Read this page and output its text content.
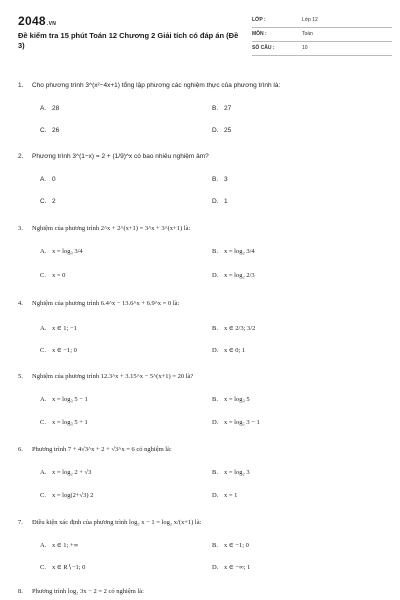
2048.VN
Đề kiểm tra 15 phút Toán 12 Chương 2 Giải tích có đáp án (Đề 3)
LỚP :	Lớp 12
MÔN :	Toán
SỐ CÂU :	10
1. Cho phương trình 3^(x²−4x+1) tổng lập phương các nghiệm thực của phương trình là:
A. 28	B. 27
C. 26	D. 25
2. Phương trình 3^(1−x) = 2 + (1/9)^x có bao nhiêu nghiệm âm?
A. 0	B. 3
C. 2	D. 1
3. Nghiệm của phương trình 2^x + 2^(x+1) = 3^x + 3^(x+1) là:
A. x = log₃ 3/4	B. x = log₂ 3/4
C. x = 0	D. x = log₂ 2/3
4. Nghiệm của phương trình 6.4^x − 13.6^x + 6.9^x = 0 là:
A. x ∈ 1; −1	B. x ∈ 2/3; 3/2
C. x ∈ −1; 0	D. x ∈ 0; 1
5. Nghiệm của phương trình 12.3^x + 3.15^x − 5^(x+1) = 20 là?
A. x = log₃ 5 − 1	B. x = log₃ 5
C. x = log₃ 5 + 1	D. x = log₅ 3 − 1
6. Phương trình 7 + 4√3^x + 2 + √3^x = 6 có nghiệm là:
A. x = log₂ 2 + √3	B. x = log₂ 3
C. x = log(2+√3) 2	D. x = 1
7. Điều kiện xác định của phương trình log₂ x − 1 = log₂ x/(x+1) là:
A. x ∈ 1; +∞	B. x ∈ −1; 0
C. x ∈ R∖−1; 0	D. x ∈ −∞; 1
8. Phương trình log₂ 3x − 2 = 2 có nghiệm là:
